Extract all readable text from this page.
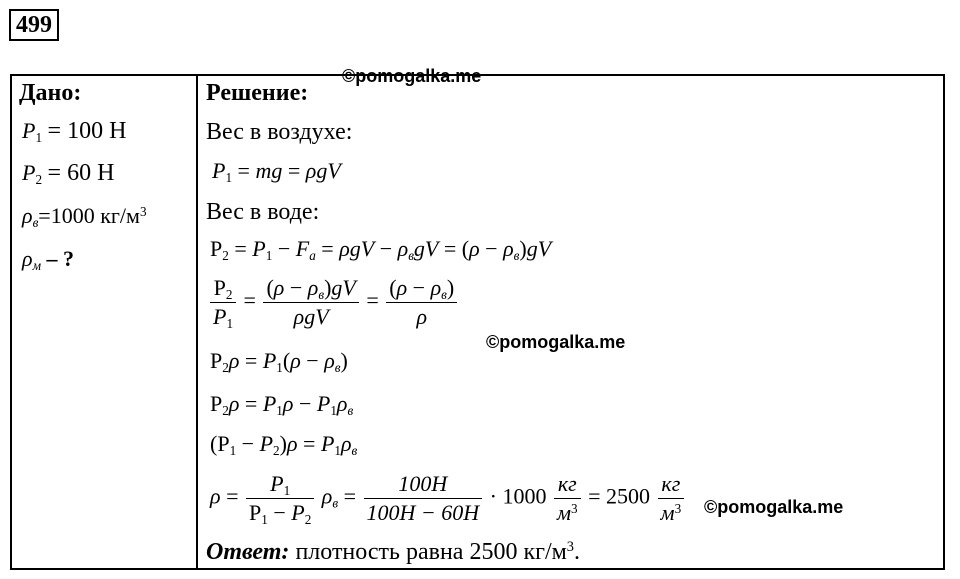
499
©pomogalka.me
©pomogalka.me
©pomogalka.me
Дано:
$P_1 = 100$ Н
$P_2 = 60$ Н
$\rho_в=1000$ $кг/м^3$
$\rho_м$ – ?
Решение:
Вес в воздухе:
$P_1$ = mg = ρgV
Вес в воде:
$P_2 = P_1 - F_a = \rho gV - \rho_вgV = (\rho - \rho_в)gV$
$\frac{P_2}{P_1}$ =
$(\rho - \rho_в)gV$
ρgV
=
$(\rho - \rho_в)$
ρ
$P_2\rho = P_1(\rho - \rho_в)$
$P_2\rho = P_1\rho - P_1\rho_в$
$(P_1 - P_2)\rho = P_1\rho_в$
$\rho = \frac{P_1}{P_1 - P_2} \rho_в = \frac{100H}{100H - 60H} \cdot 1000$
кг
$м^3 = 2500$
кг
$м^3$
Ответ: плотность равна 2500 $кг/м^3$.
